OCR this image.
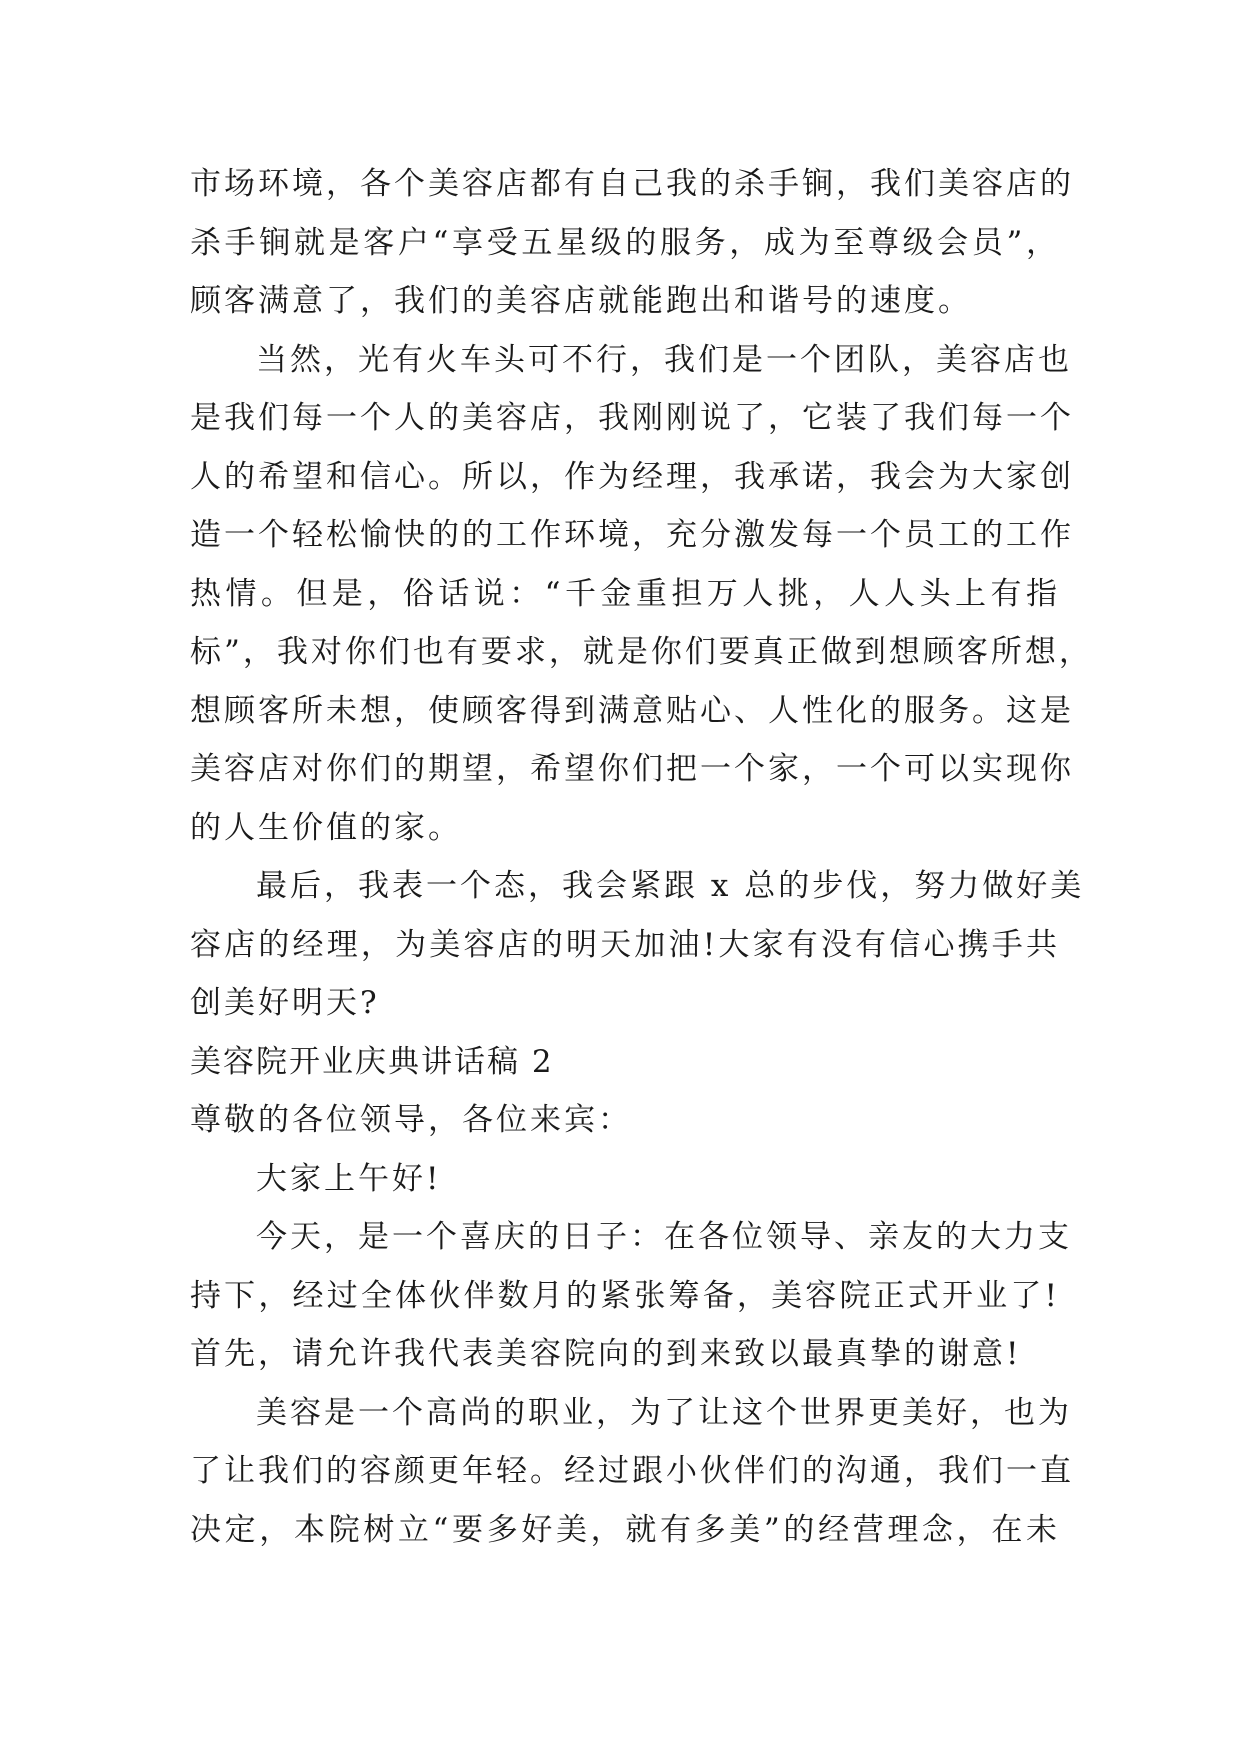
市场环境，各个美容店都有自己我的杀手锏，我们美容店的
杀手锏就是客户“享受五星级的服务，成为至尊级会员”，
顾客满意了，我们的美容店就能跑出和谐号的速度。
当然，光有火车头可不行，我们是一个团队，美容店也
是我们每一个人的美容店，我刚刚说了，它装了我们每一个
人的希望和信心。所以，作为经理，我承诺，我会为大家创
造一个轻松愉快的的工作环境，充分激发每一个员工的工作
热情。但是，俗话说：“千金重担万人挑，人人头上有指
标”，我对你们也有要求，就是你们要真正做到想顾客所想，
想顾客所未想，使顾客得到满意贴心、人性化的服务。这是
美容店对你们的期望，希望你们把一个家，一个可以实现你
的人生价值的家。
最后，我表一个态，我会紧跟 x 总的步伐，努力做好美
容店的经理，为美容店的明天加油!大家有没有信心携手共
创美好明天?
美容院开业庆典讲话稿 2
尊敬的各位领导，各位来宾：
大家上午好!
今天，是一个喜庆的日子：在各位领导、亲友的大力支
持下，经过全体伙伴数月的紧张筹备，美容院正式开业了!
首先，请允许我代表美容院向的到来致以最真挚的谢意!
美容是一个高尚的职业，为了让这个世界更美好，也为
了让我们的容颜更年轻。经过跟小伙伴们的沟通，我们一直
决定，本院树立“要多好美，就有多美”的经营理念，在未
